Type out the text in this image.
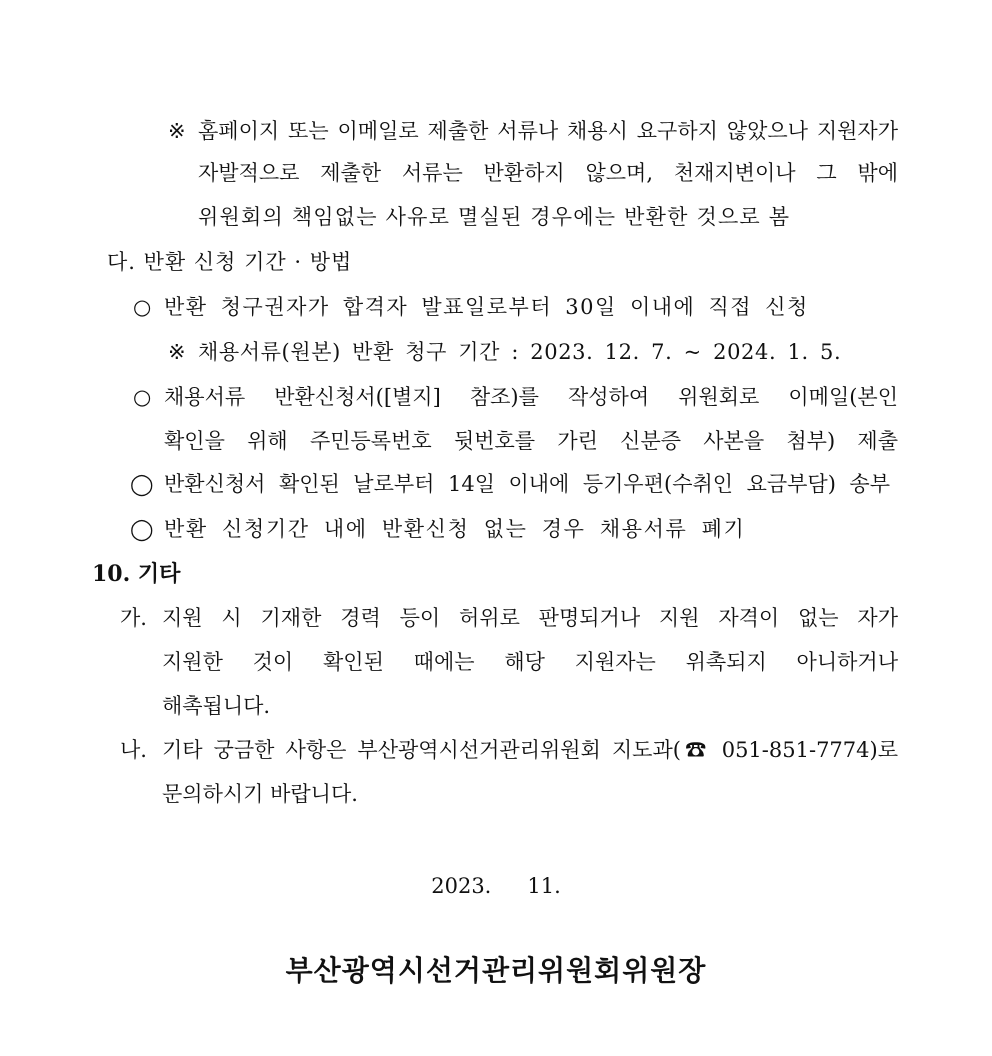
※ 홈페이지 또는 이메일로 제출한 서류나 채용시 요구하지 않았으나 지원자가
자발적으로 제출한 서류는 반환하지 않으며, 천재지변이나 그 밖에
위원회의 책임없는 사유로 멸실된 경우에는 반환한 것으로 봄
다. 반환 신청 기간 · 방법
○ 반환 청구권자가 합격자 발표일로부터 30일 이내에 직접 신청
※ 채용서류(원본) 반환 청구 기간 : 2023. 12. 7. ~ 2024. 1. 5.
○ 채용서류 반환신청서([별지] 참조)를 작성하여 위원회로 이메일(본인
확인을 위해 주민등록번호 뒷번호를 가린 신분증 사본을 첨부) 제출
◯ 반환신청서 확인된 날로부터 14일 이내에 등기우편(수취인 요금부담) 송부
◯ 반환 신청기간 내에 반환신청 없는 경우 채용서류 폐기
10. 기타
가. 지원 시 기재한 경력 등이 허위로 판명되거나 지원 자격이 없는 자가
지원한 것이 확인된 때에는 해당 지원자는 위촉되지 아니하거나
해촉됩니다.
나. 기타 궁금한 사항은 부산광역시선거관리위원회 지도과(☎ 051-851-7774)로
문의하시기 바랍니다.
2023. 11.
부산광역시선거관리위원회위원장
